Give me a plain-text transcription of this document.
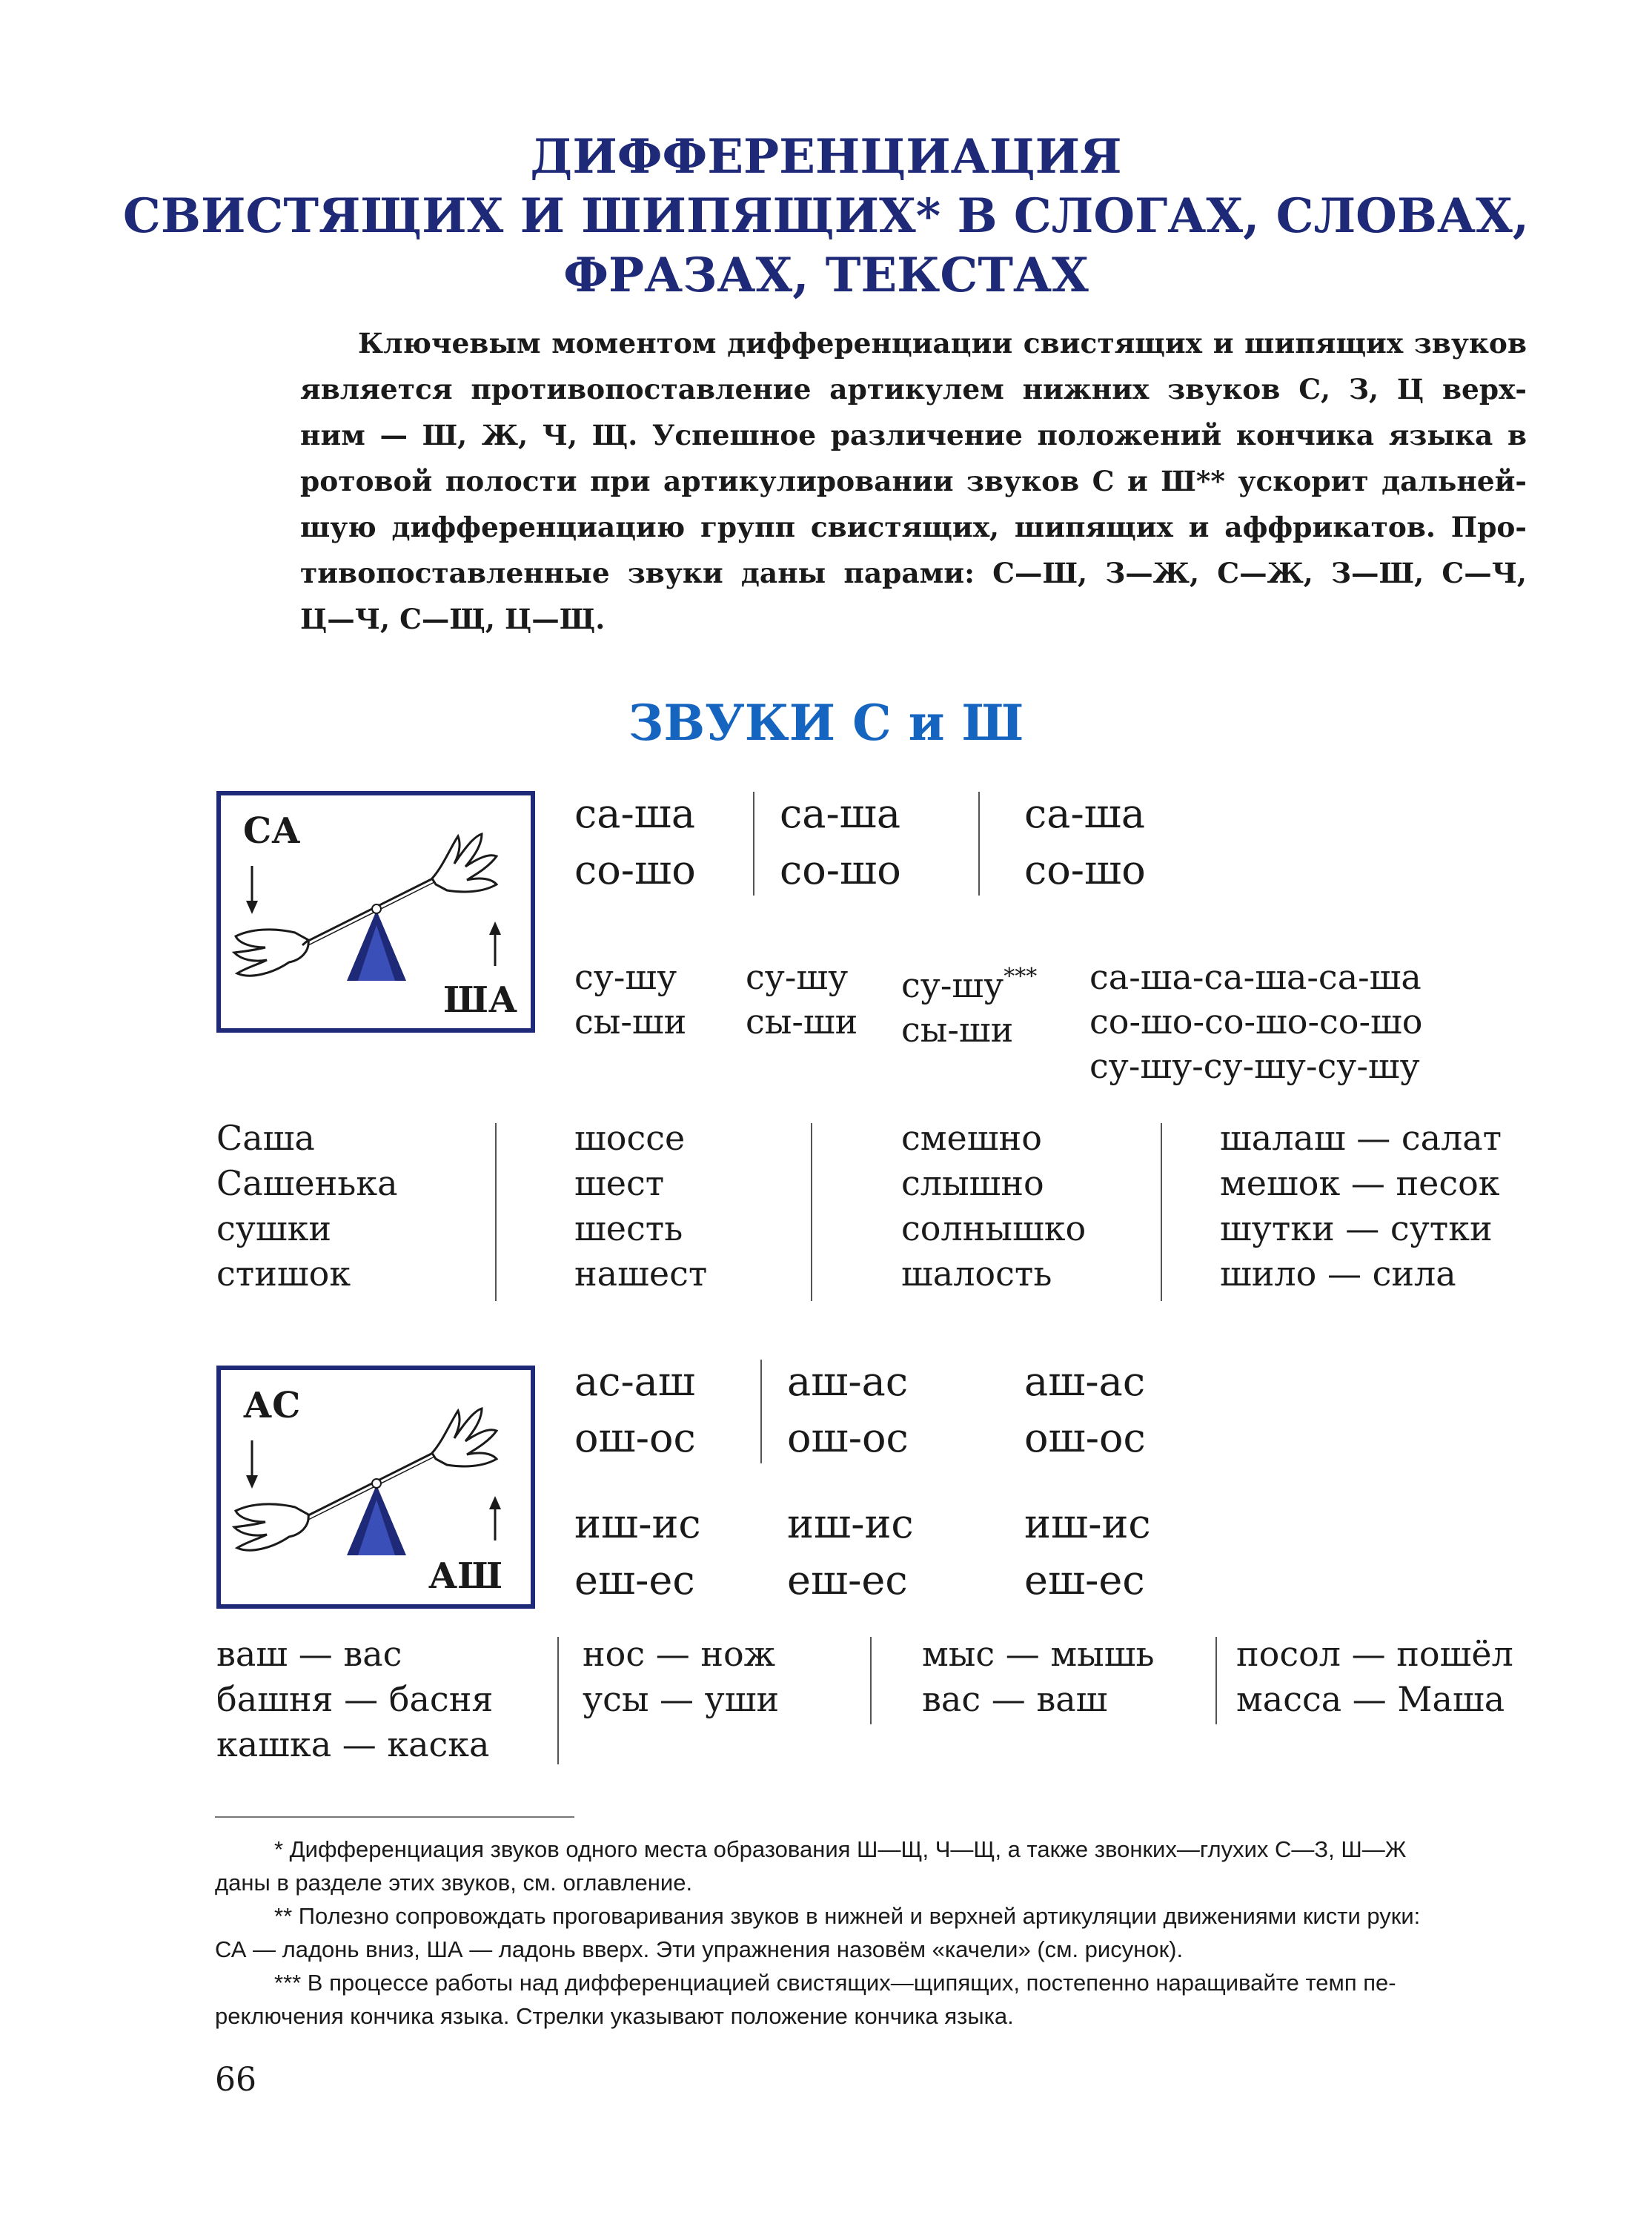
ДИФФЕРЕНЦИАЦИЯ
СВИСТЯЩИХ И ШИПЯЩИХ* В СЛОГАХ, СЛОВАХ,
ФРАЗАХ, ТЕКСТАХ
Ключевым моментом дифференциации свистящих и шипящих звуков
является противопоставление артикулем нижних звуков С, З, Ц верх-
ним — Ш, Ж, Ч, Щ. Успешное различение положений кончика языка в
ротовой полости при артикулировании звуков С и Ш** ускорит дальней-
шую дифференциацию групп свистящих, шипящих и аффрикатов. Про-
тивопоставленные звуки даны парами: С—Ш, З—Ж, С—Ж, З—Ш, С—Ч,
Ц—Ч, С—Щ, Ц—Щ.
ЗВУКИ С и Ш
СА
ША
са-ша
со-шо
са-ша
со-шо
са-ша
со-шо
су-шу
сы-ши
су-шу
сы-ши
су-шу***
сы-ши
са-ша-са-ша-са-ша
со-шо-со-шо-со-шо
су-шу-су-шу-су-шу
Саша
Сашенька
сушки
стишок
шоссе
шест
шесть
нашест
смешно
слышно
солнышко
шалость
шалаш — салат
мешок — песок
шутки — сутки
шило — сила
АС
АШ
ас-аш
ош-ос
аш-ас
ош-ос
аш-ас
ош-ос
иш-ис
еш-ес
иш-ис
еш-ес
иш-ис
еш-ес
ваш — вас
башня — басня
кашка — каска
нос — нож
усы — уши
мыс — мышь
вас — ваш
посол — пошёл
масса — Маша
* Дифференциация звуков одного места образования Ш—Щ, Ч—Щ, а также звонких—глухих С—З, Ш—Ж
даны в разделе этих звуков, см. оглавление.
** Полезно сопровождать проговаривания звуков в нижней и верхней артикуляции движениями кисти руки:
СА — ладонь вниз, ША — ладонь вверх. Эти упражнения назовём «качели» (см. рисунок).
*** В процессе работы над дифференциацией свистящих—щипящих, постепенно наращивайте темп пе-
реключения кончика языка. Стрелки указывают положение кончика языка.
66
